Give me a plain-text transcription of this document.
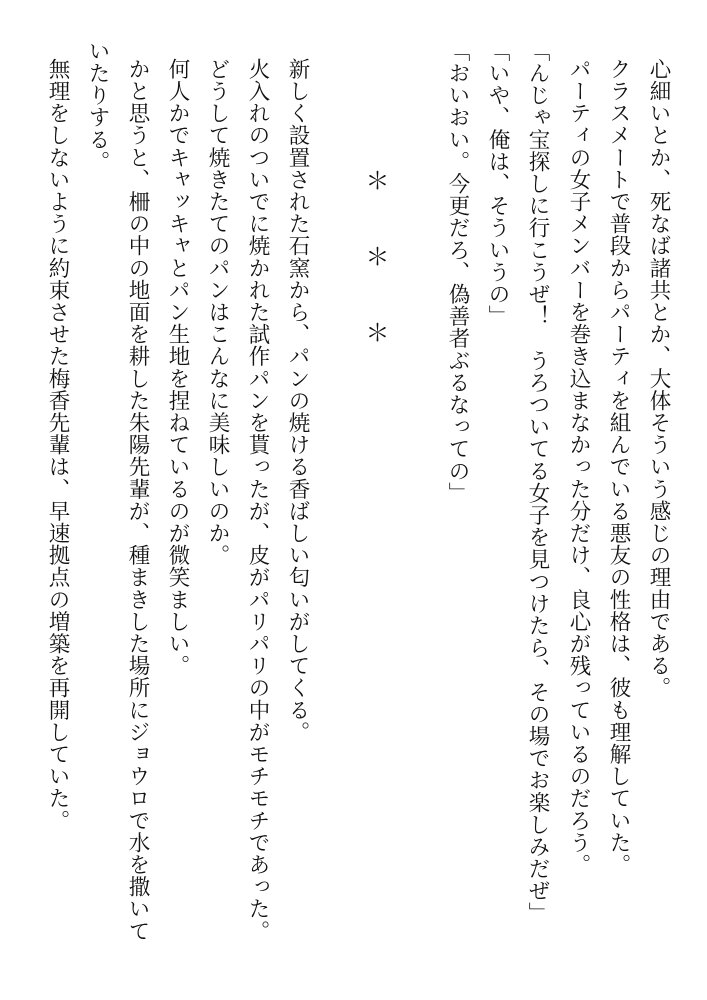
心細いとか、死なば諸共とか、大体そういう感じの理由である。

クラスメートで普段からパーティを組んでいる悪友の性格は、彼も理解していた。

パーティの女子メンバーを巻き込まなかった分だけ、良心が残っているのだろう。

「んじゃ宝探しに行こうぜ！　うろついてる女子を見つけたら、その場でお楽しみだぜ」

「いや、俺は、そういうの」

「おいおい。今更だろ、偽善者ぶるなっての」

＊　＊　＊

新しく設置された石窯から、パンの焼ける香ばしい匂いがしてくる。

火入れのついでに焼かれた試作パンを貰ったが、皮がパリパリの中がモチモチであった。

どうして焼きたてのパンはこんなに美味しいのか。

何人かでキャッキャとパン生地を捏ねているのが微笑ましい。

かと思うと、柵の中の地面を耕した朱陽先輩が、種まきした場所にジョウロで水を撒いて

いたりする。

無理をしないように約束させた梅香先輩は、早速拠点の増築を再開していた。
